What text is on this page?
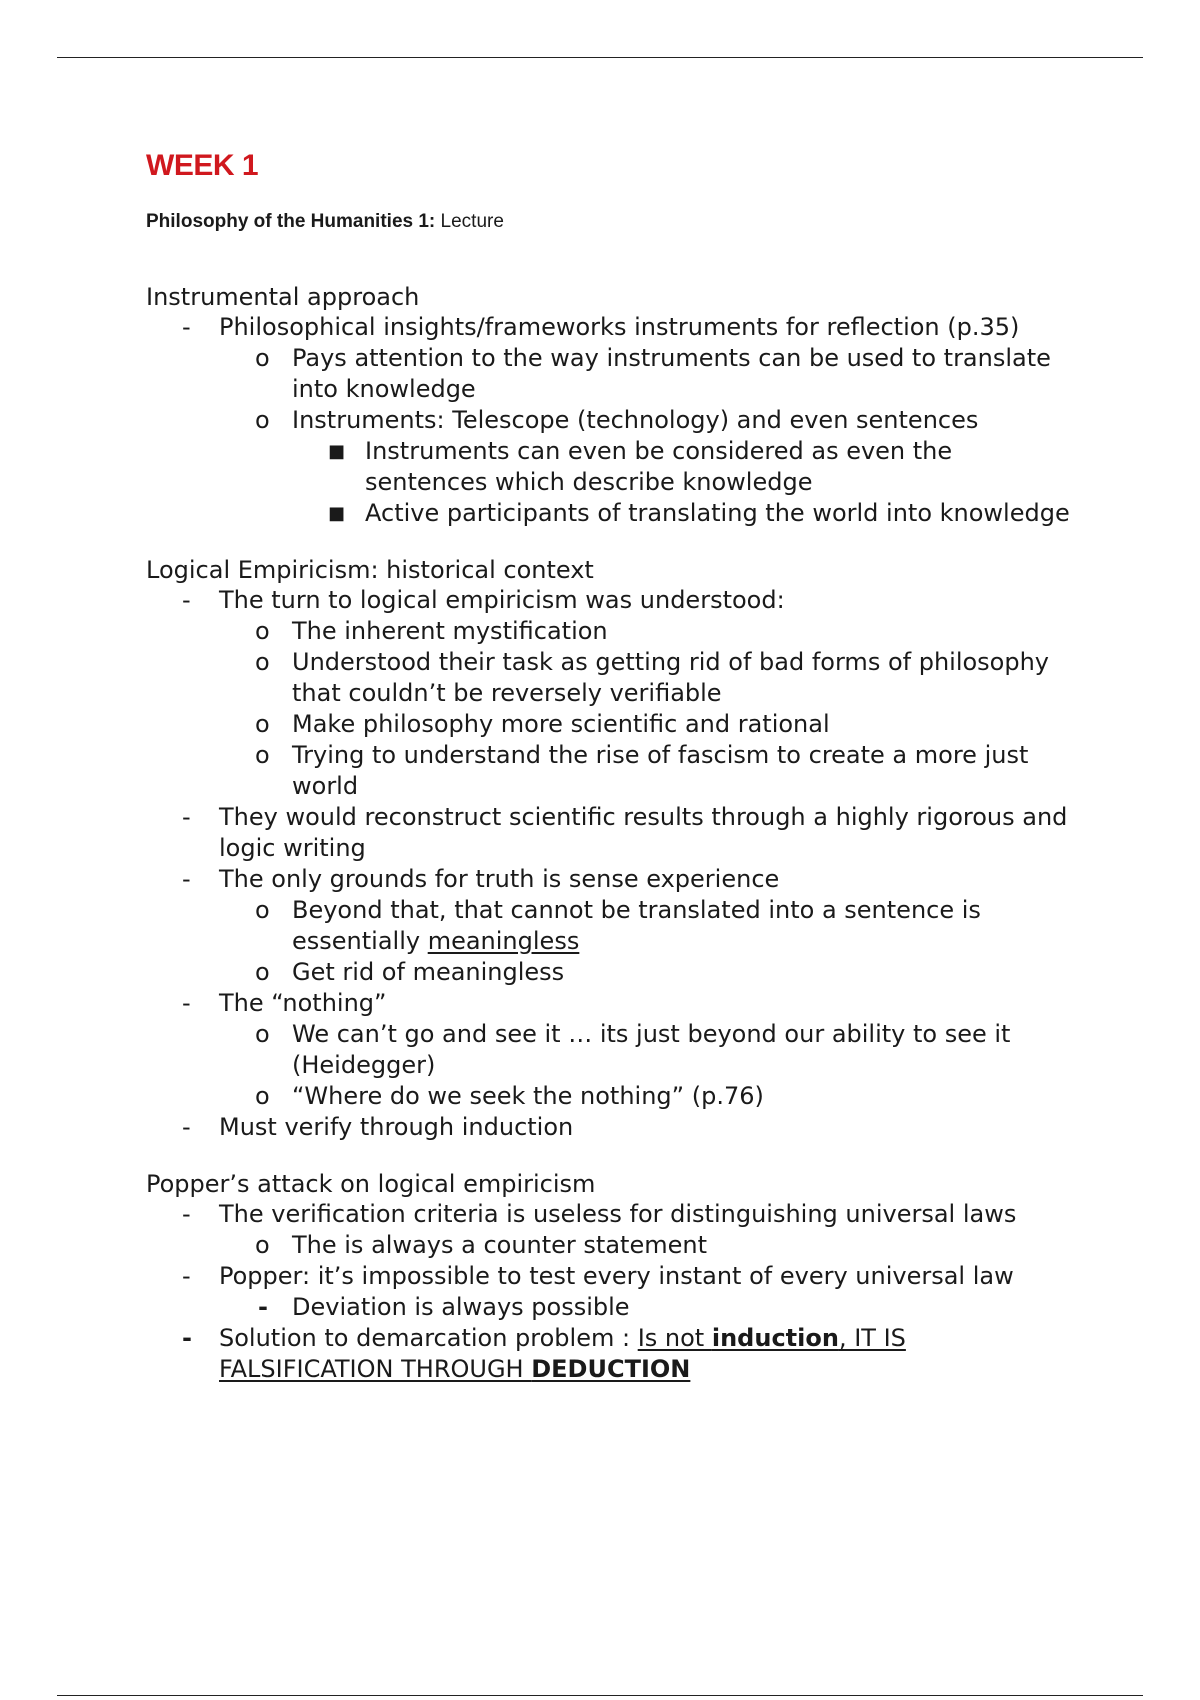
WEEK 1
Philosophy of the Humanities 1: Lecture
Instrumental approach
- Philosophical insights/frameworks instruments for reflection (p.35)
o Pays attention to the way instruments can be used to translate into knowledge
o Instruments: Telescope (technology) and even sentences
■ Instruments can even be considered as even the sentences which describe knowledge
■ Active participants of translating the world into knowledge
Logical Empiricism: historical context
- The turn to logical empiricism was understood:
o The inherent mystification
o Understood their task as getting rid of bad forms of philosophy that couldn’t be reversely verifiable
o Make philosophy more scientific and rational
o Trying to understand the rise of fascism to create a more just world
- They would reconstruct scientific results through a highly rigorous and logic writing
- The only grounds for truth is sense experience
o Beyond that, that cannot be translated into a sentence is essentially meaningless
o Get rid of meaningless
- The “nothing”
o We can’t go and see it … its just beyond our ability to see it (Heidegger)
o “Where do we seek the nothing” (p.76)
- Must verify through induction
Popper’s attack on logical empiricism
- The verification criteria is useless for distinguishing universal laws
o The is always a counter statement
- Popper: it’s impossible to test every instant of every universal law
- Deviation is always possible
- Solution to demarcation problem : Is not induction, IT IS FALSIFICATION THROUGH DEDUCTION
